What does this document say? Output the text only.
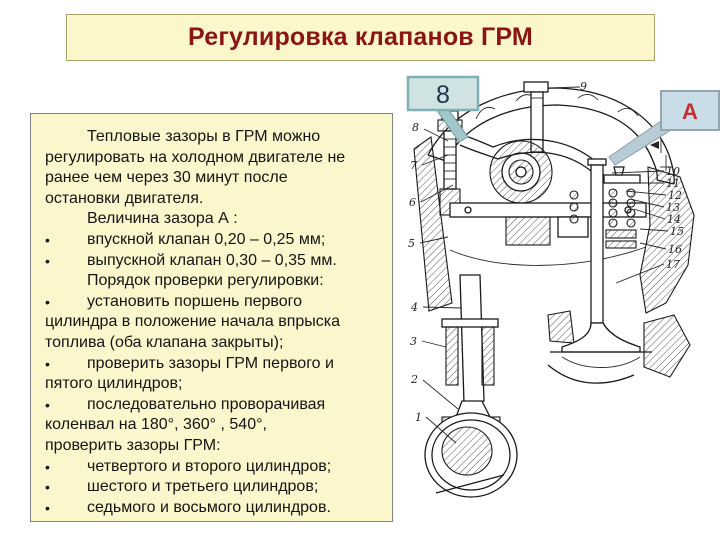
Регулировка клапанов ГРМ
Тепловые зазоры в ГРМ можно
регулировать на холодном двигателе не
ранее чем через 30 минут после
остановки двигателя.
Величина зазора А :
•	впускной клапан 0,20 – 0,25 мм;
•	выпускной клапан 0,30 – 0,35 мм.
Порядок проверки регулировки:
•	установить поршень первого
цилиндра в положение начала впрыска
топлива (оба клапана закрыты);
•	проверить зазоры ГРМ первого и
пятого цилиндров;
•	последовательно проворачивая
коленвал на 180°, 360° , 540°,
проверить зазоры ГРМ:
•	четвертого и второго цилиндров;
•	шестого и третьего цилиндров;
•	седьмого и восьмого цилиндров.
9
8
7
6
5
4
3
2
1
10
11
12
13
14
15
16
17
8
A
